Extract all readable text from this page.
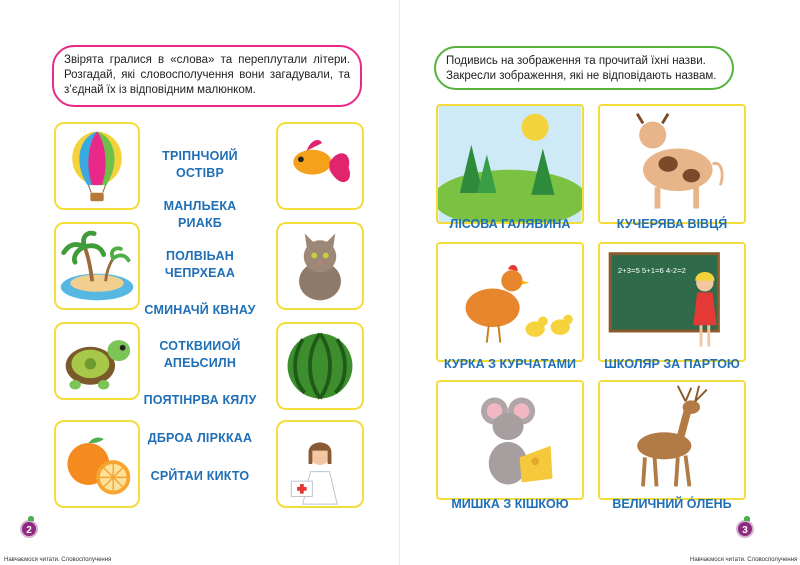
Звірята гралися в «слова» та переплутали літери. Розгадай, які словосполучення вони загадували, та з’єднай їх із відповідним малюнком.

ТРІПНЧОИЙ ОСТІВР
МАНЛЬЕКА РИАКБ
ПОЛВІЬАН ЧЕПРХЕАА
СМИНАЧЙ КВНАУ
СОТКВИИОЙ АПЕЬСИЛН
ПОЯТІНРВА КЯЛУ
ДБРОА ЛІРККАА
СРЙТАИ КИКТО
2
Навчаємося читати. Словосполучення

Подивись на зображення та прочитай їхні назви. Закресли зображення, які не відповідають назвам.

ЛІСОВА ГАЛЯВИНА	КУЧЕРЯВА ВІВЦЯ́
2+3=5 5+1=6 4-2=2
КУРКА З КУРЧАТАМИ	ШКОЛЯР ЗА ПАРТОЮ
МИШКА З КІШКОЮ	ВЕЛИЧНИЙ О́ЛЕНЬ
3
Навчаємося читати. Словосполучення
